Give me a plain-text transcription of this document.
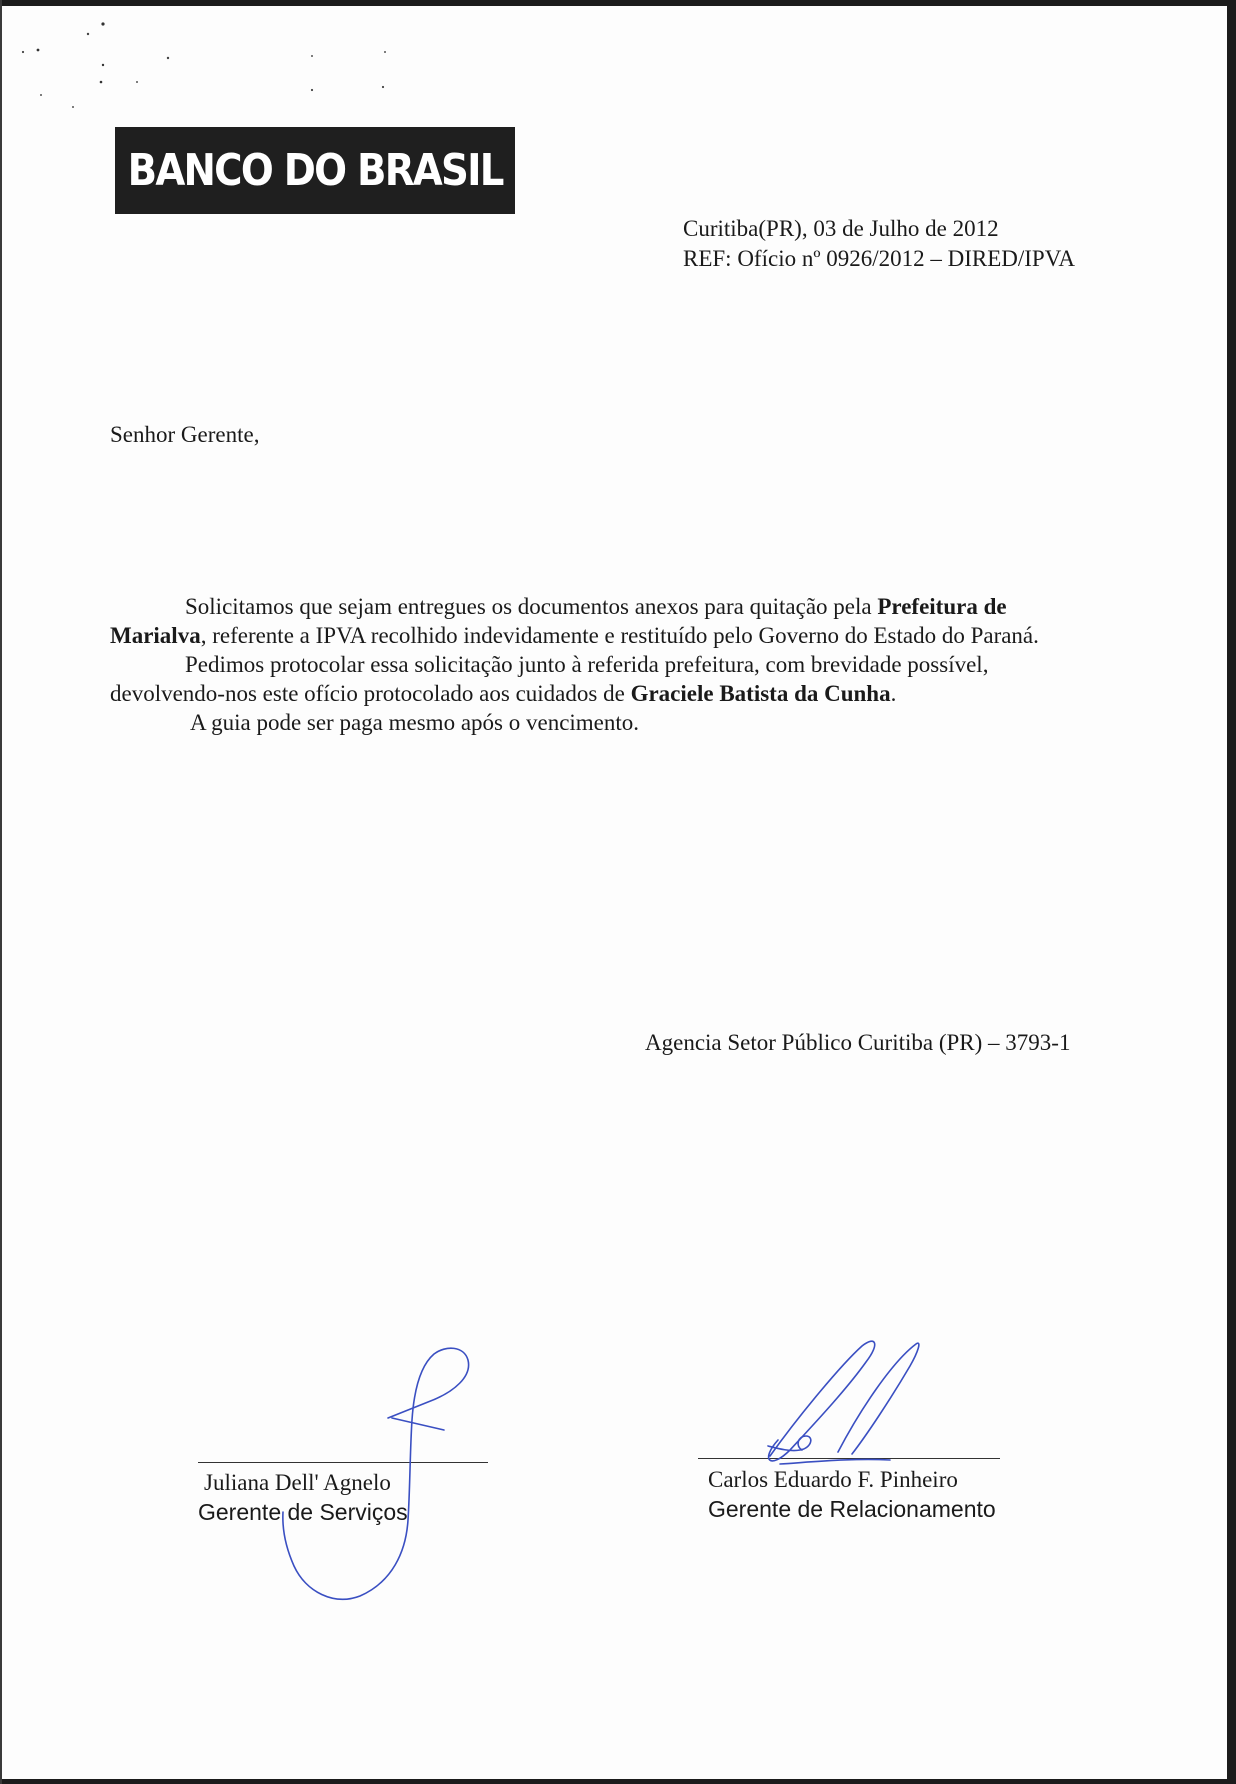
BANCO DO BRASIL
Curitiba(PR), 03 de Julho de 2012
REF: Ofício nº 0926/2012 – DIRED/IPVA
Senhor Gerente,

Solicitamos que sejam entregues os documentos anexos para quitação pela Prefeitura de Marialva, referente a IPVA recolhido indevidamente e restituído pelo Governo do Estado do Paraná.

Pedimos protocolar essa solicitação junto à referida prefeitura, com brevidade possível, devolvendo-nos este ofício protocolado aos cuidados de Graciele Batista da Cunha.

A guia pode ser paga mesmo após o vencimento.

Agencia Setor Público Curitiba (PR) – 3793-1
Juliana Dell' Agnelo
Gerente de Serviços
Carlos Eduardo F. Pinheiro
Gerente de Relacionamento
